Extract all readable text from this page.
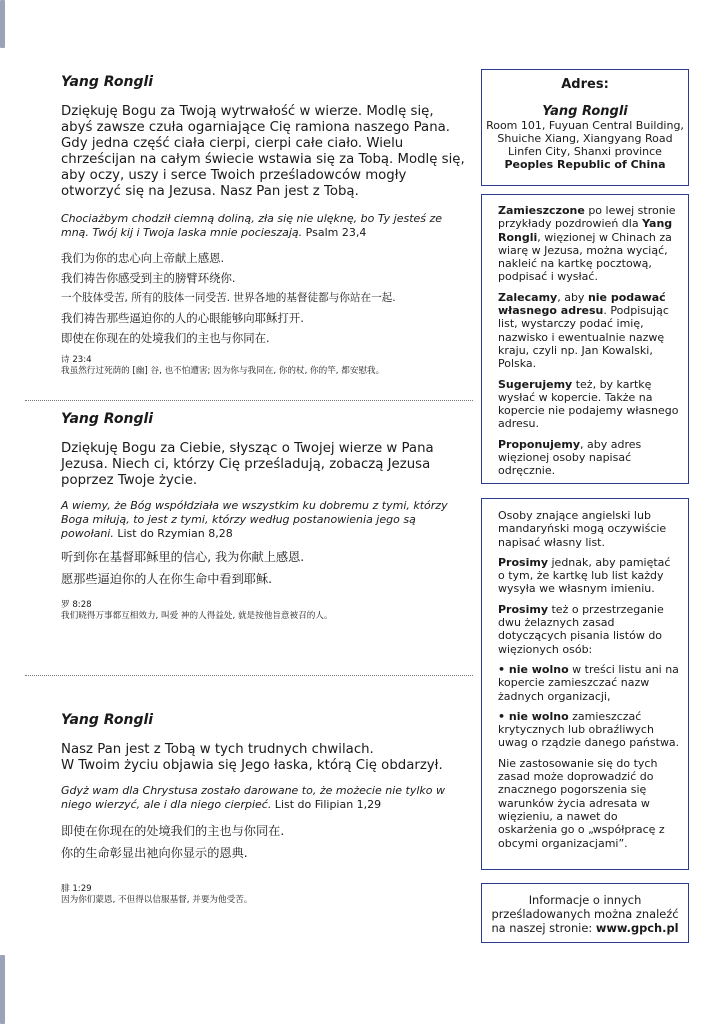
Yang Rongli

Dziękuję Bogu za Twoją wytrwałość w wierze. Modlę się, abyś zawsze czuła ogarniające Cię ramiona naszego Pana. Gdy jedna część ciała cierpi, cierpi całe ciało. Wielu chrześcijan na całym świecie wstawia się za Tobą. Modlę się, aby oczy, uszy i serce Twoich prześladowców mogły otworzyć się na Jezusa. Nasz Pan jest z Tobą.

Chociażbym chodził ciemną doliną, zła się nie ulęknę, bo Ty jesteś ze mną. Twój kij i Twoja laska mnie pocieszają. Psalm 23,4

我们为你的忠心向上帝献上感恩.

我们祷告你感受到主的膀臂环绕你.

一个肢体受苦, 所有的肢体一同受苦. 世界各地的基督徒都与你站在一起.

我们祷告那些逼迫你的人的心眼能够向耶稣打开.

即使在你现在的处境我们的主也与你同在.

诗 23:4

我虽然行过死荫的 [幽] 谷, 也不怕遭害; 因为你与我同在, 你的杖, 你的竿, 都安慰我。

Yang Rongli

Dziękuję Bogu za Ciebie, słysząc o Twojej wierze w Pana Jezusa. Niech ci, którzy Cię prześladują, zobaczą Jezusa poprzez Twoje życie.

A wiemy, że Bóg współdziała we wszystkim ku dobremu z tymi, którzy Boga miłują, to jest z tymi, którzy według postanowienia jego są powołani. List do Rzymian 8,28

听到你在基督耶稣里的信心, 我为你献上感恩.

愿那些逼迫你的人在你生命中看到耶稣.

罗 8:28

我们晓得万事都互相效力, 叫爱 神的人得益处, 就是按他旨意被召的人。

Yang Rongli

Nasz Pan jest z Tobą w tych trudnych chwilach.

W Twoim życiu objawia się Jego łaska, którą Cię obdarzył.

Gdyż wam dla Chrystusa zostało darowane to, że możecie nie tylko w niego wierzyć, ale i dla niego cierpieć. List do Filipian 1,29

即使在你现在的处境我们的主也与你同在.

你的生命彰显出祂向你显示的恩典.

腓 1:29

因为你们蒙恩, 不但得以信服基督, 并要为他受苦。

Adres:

Yang Rongli

Room 101, Fuyuan Central Building,

Shuiche Xiang, Xiangyang Road

Linfen City, Shanxi province

Peoples Republic of China

Zamieszczone po lewej stronie przykłady pozdrowień dla Yang Rongli, więzionej w Chinach za wiarę w Jezusa, można wyciąć, nakleić na kartkę pocztową, podpisać i wysłać.

Zalecamy, aby nie podawać własnego adresu. Podpisując list, wystarczy podać imię, nazwisko i ewentualnie nazwę kraju, czyli np. Jan Kowalski, Polska.

Sugerujemy też, by kartkę wysłać w kopercie. Także na kopercie nie podajemy własnego adresu.

Proponujemy, aby adres więzionej osoby napisać odręcznie.

Osoby znające angielski lub mandaryński mogą oczywiście napisać własny list.

Prosimy jednak, aby pamiętać o tym, że kartkę lub list każdy wysyła we własnym imieniu.

Prosimy też o przestrzeganie dwu żelaznych zasad dotyczących pisania listów do więzionych osób:

• nie wolno w treści listu ani na kopercie zamieszczać nazw żadnych organizacji,

• nie wolno zamieszczać krytycznych lub obraźliwych uwag o rządzie danego państwa.

Nie zastosowanie się do tych zasad może doprowadzić do znacznego pogorszenia się warunków życia adresata w więzieniu, a nawet do oskarżenia go o „współpracę z obcymi organizacjami”.

Informacje o innych prześladowanych można znaleźć na naszej stronie: www.gpch.pl
